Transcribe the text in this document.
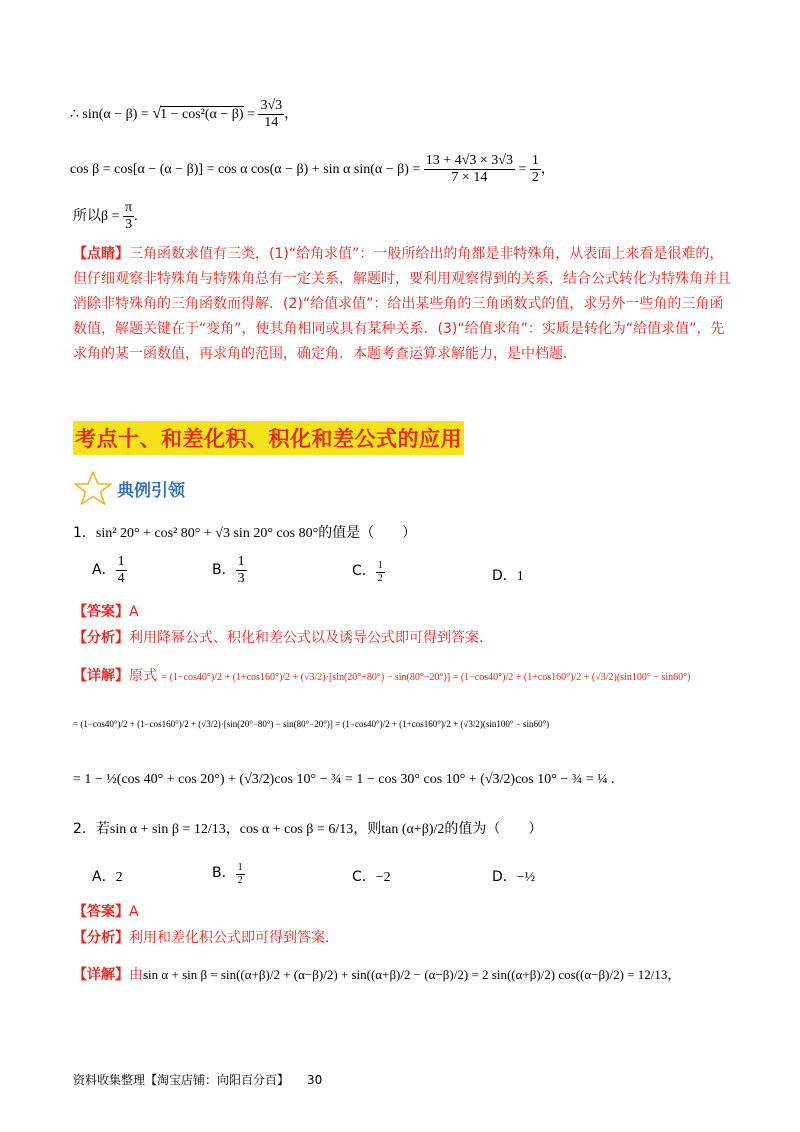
∴ $\sin(\alpha - \beta) = √1 - \cos^2(\alpha - \beta) = \frac{3√3}{14}$ ，
cos β = cos[α − (α − β)] = cos α cos(α − β) + sin α $\sin(\alpha - \beta) = \frac{13 + 4√3 \times 3√3}{7 \times 14} = \frac{1}{2}$ ，
所以$\beta = \frac{\pi}{3}$ .
【点睛】三角函数求值有三类，(1)“给角求值”：一般所给出的角都是非特殊角，从表面上来看是很难的，但仔细观察非特殊角与特殊角总有一定关系，解题时，要利用观察得到的关系，结合公式转化为特殊角并且消除非特殊角的三角函数而得解．(2)“给值求值”：给出某些角的三角函数式的值，求另外一些角的三角函数值，解题关键在于“变角”，使其角相同或具有某种关系．(3)“给值求角”：实质是转化为“给值求值”，先求角的某一函数值，再求角的范围，确定角．本题考查运算求解能力，是中档题．
考点十、和差化积、积化和差公式的应用
典例引领
1．sin² 20° + cos² 80° + √3 sin 20° cos 80°的值是（　　）
A． $\frac{1}{4}$	B． $\frac{1}{3}$	C． $\frac{1}{2}$	D．1
【答案】A
【分析】利用降幂公式、积化和差公式以及诱导公式即可得到答案．
【详解】原式 = (1−cos40°)/2 + (1+cos160°)/2 + (√3/2)·[sin(20°+80°) − sin(80°−20°)] = (1−cos40°)/2 + (1+cos160°)/2 + (√3/2)(sin100° − sin60°)
= (1−cos40°)/2 + (1−cos160°)/2 + (√3/2)·[sin(20°−80°) − sin(80°−20°)] = (1−cos40°)/2 + (1+cos160°)/2 + (√3/2)(sin100° − sin60°)
= 1 − ½(cos 40° + cos 20°) + (√3/2)cos 10° − ¾ = 1 − cos 30° cos 10° + (√3/2)cos 10° − ¾ = ¼ .
2．若sin α + sin β = 12/13，cos α + cos β = 6/13，则tan (α+β)/2的值为（　　）
A．2	B． $\frac{1}{2}$	C．−2	D．−½
【答案】A
【分析】利用和差化积公式即可得到答案．
【详解】由sin α + sin β = sin((α+β)/2 + (α−β)/2) + sin((α+β)/2 − (α−β)/2) = 2 sin((α+β)/2) cos((α−β)/2) = 12/13，
资料收集整理【淘宝店铺：向阳百分百】 30
